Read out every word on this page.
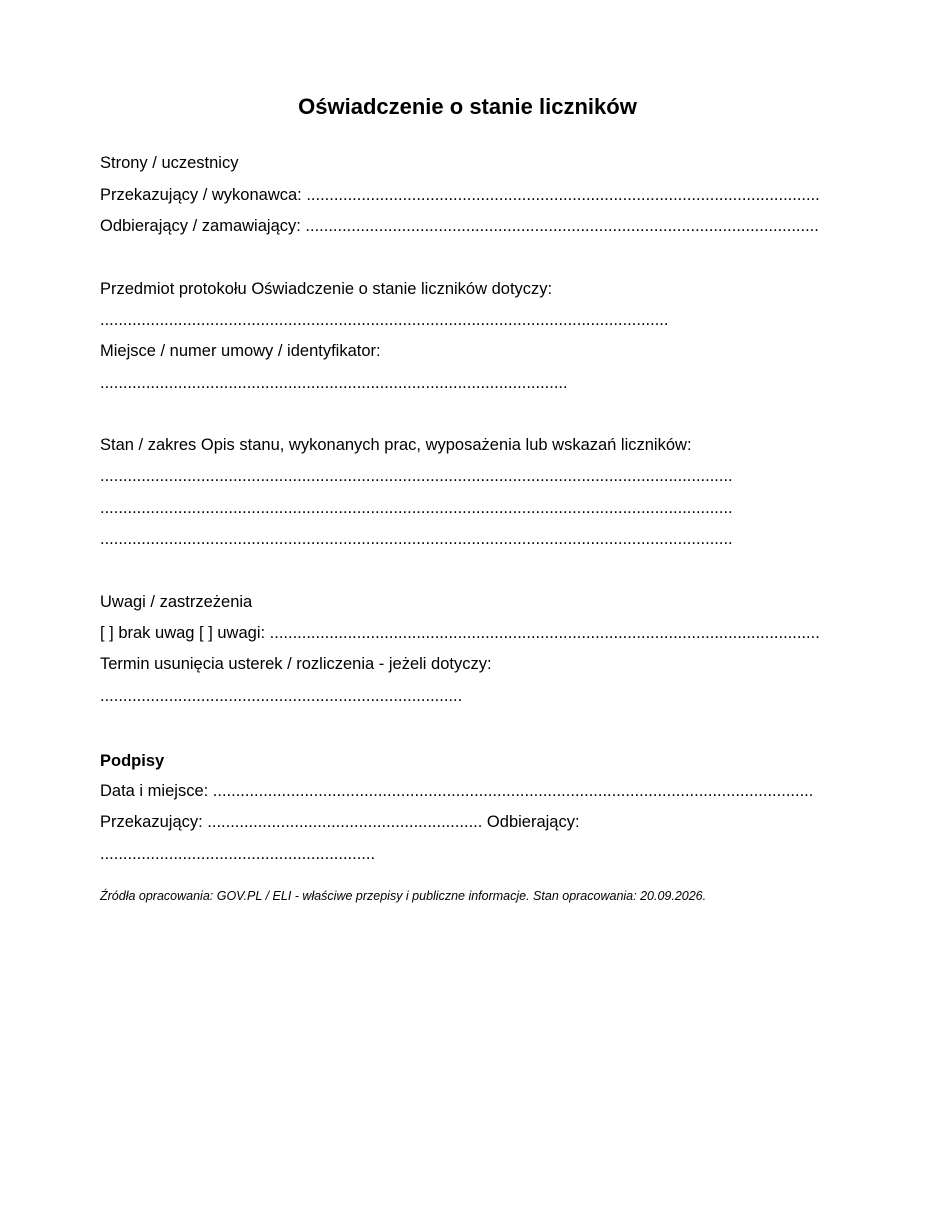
Oświadczenie o stanie liczników
Strony / uczestnicy
Przekazujący / wykonawca: ................................................................................................................
Odbierający / zamawiający: ................................................................................................................
Przedmiot protokołu Oświadczenie o stanie liczników dotyczy:
............................................................................................................................
Miejsce / numer umowy / identyfikator:
......................................................................................................
Stan / zakres Opis stanu, wykonanych prac, wyposażenia lub wskazań liczników:
..........................................................................................................................................
..........................................................................................................................................
..........................................................................................................................................
Uwagi / zastrzeżenia
[ ] brak uwag [ ] uwagi: ........................................................................................................................
Termin usunięcia usterek / rozliczenia - jeżeli dotyczy:
...............................................................................
Podpisy
Data i miejsce: ...................................................................................................................................
Przekazujący: ............................................................ Odbierający:
............................................................
Źródła opracowania: GOV.PL / ELI - właściwe przepisy i publiczne informacje. Stan opracowania: 20.09.2026.
